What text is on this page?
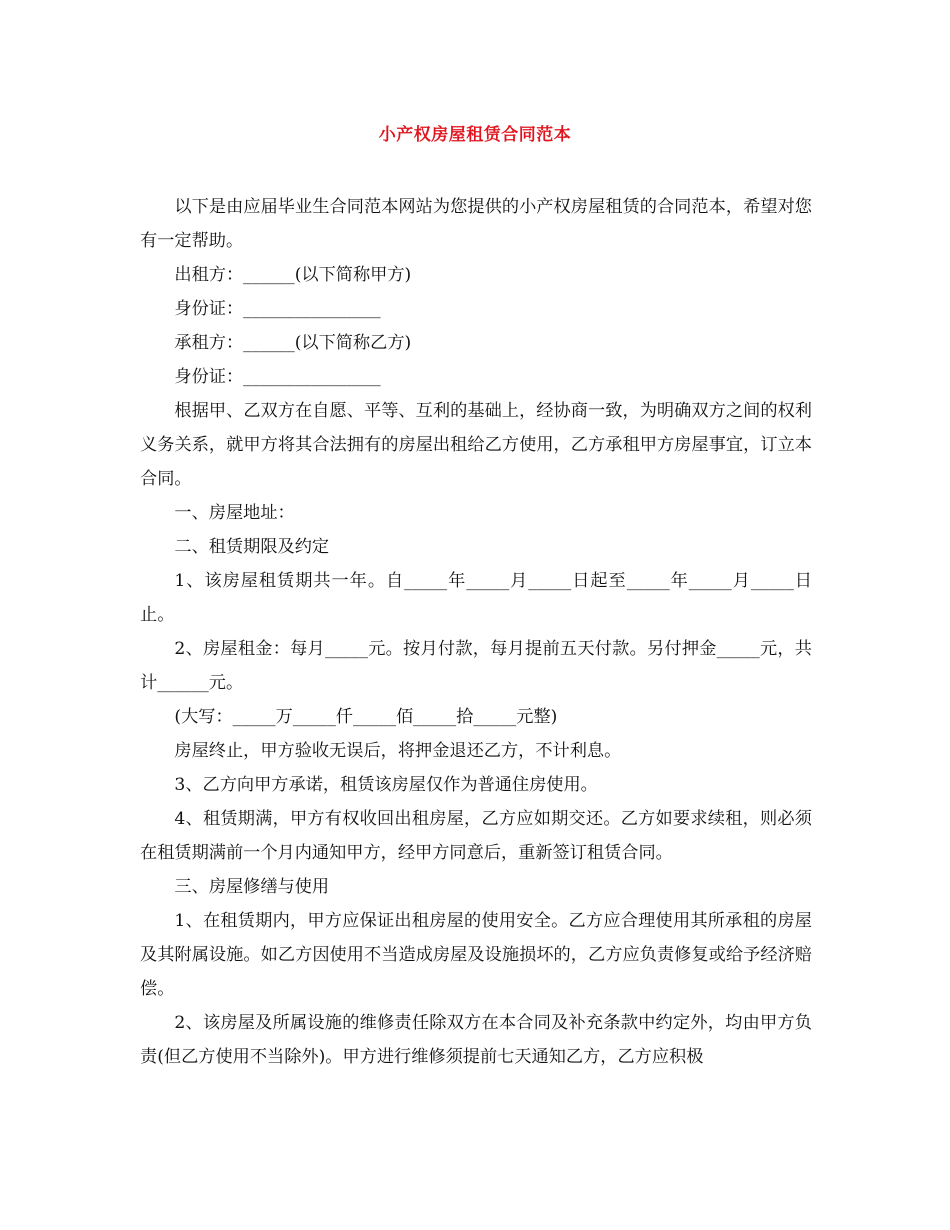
小产权房屋租赁合同范本

以下是由应届毕业生合同范本网站为您提供的小产权房屋租赁的合同范本，希望对您有一定帮助。

出租方：______(以下简称甲方)

身份证：________________

承租方：______(以下简称乙方)

身份证：________________

根据甲、乙双方在自愿、平等、互利的基础上，经协商一致，为明确双方之间的权利义务关系，就甲方将其合法拥有的房屋出租给乙方使用，乙方承租甲方房屋事宜，订立本合同。

一、房屋地址：

二、租赁期限及约定

1、该房屋租赁期共一年。自_____年_____月_____日起至_____年_____月_____日止。

2、房屋租金：每月_____元。按月付款，每月提前五天付款。另付押金_____元，共计______元。

(大写：_____万_____仟_____佰_____拾_____元整)

房屋终止，甲方验收无误后，将押金退还乙方，不计利息。

3、乙方向甲方承诺，租赁该房屋仅作为普通住房使用。

4、租赁期满，甲方有权收回出租房屋，乙方应如期交还。乙方如要求续租，则必须在租赁期满前一个月内通知甲方，经甲方同意后，重新签订租赁合同。

三、房屋修缮与使用

1、在租赁期内，甲方应保证出租房屋的使用安全。乙方应合理使用其所承租的房屋及其附属设施。如乙方因使用不当造成房屋及设施损坏的，乙方应负责修复或给予经济赔偿。

2、该房屋及所属设施的维修责任除双方在本合同及补充条款中约定外，均由甲方负责(但乙方使用不当除外)。甲方进行维修须提前七天通知乙方，乙方应积极
